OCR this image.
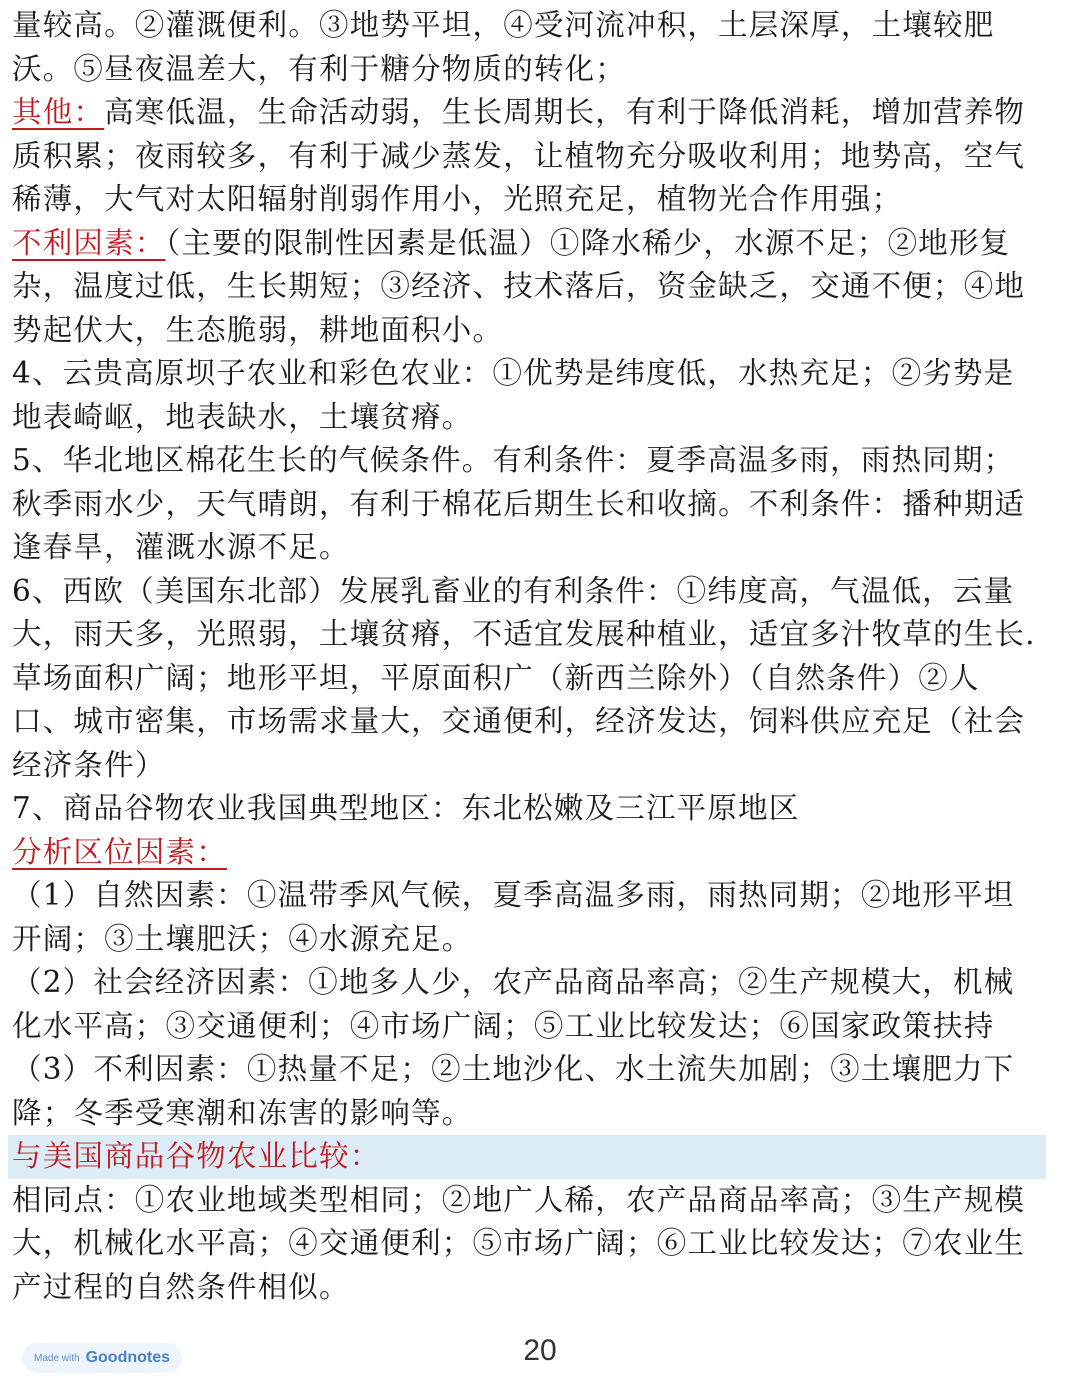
量较高。②灌溉便利。③地势平坦，④受河流冲积，土层深厚，土壤较肥
沃。⑤昼夜温差大，有利于糖分物质的转化；
其他：高寒低温，生命活动弱，生长周期长，有利于降低消耗，增加营养物
质积累；夜雨较多，有利于减少蒸发，让植物充分吸收利用；地势高，空气
稀薄，大气对太阳辐射削弱作用小，光照充足，植物光合作用强；
不利因素：（主要的限制性因素是低温）①降水稀少，水源不足；②地形复
杂，温度过低，生长期短；③经济、技术落后，资金缺乏，交通不便；④地
势起伏大，生态脆弱，耕地面积小。
4、云贵高原坝子农业和彩色农业：①优势是纬度低，水热充足；②劣势是
地表崎岖，地表缺水，土壤贫瘠。
5、华北地区棉花生长的气候条件。有利条件：夏季高温多雨，雨热同期；
秋季雨水少，天气晴朗，有利于棉花后期生长和收摘。不利条件：播种期适
逢春旱，灌溉水源不足。
6、西欧（美国东北部）发展乳畜业的有利条件：①纬度高，气温低，云量
大，雨天多，光照弱，土壤贫瘠，不适宜发展种植业，适宜多汁牧草的生长.
草场面积广阔；地形平坦，平原面积广（新西兰除外）（自然条件）②人
口、城市密集，市场需求量大，交通便利，经济发达，饲料供应充足（社会
经济条件）
7、商品谷物农业我国典型地区：东北松嫩及三江平原地区
分析区位因素：
（1）自然因素：①温带季风气候，夏季高温多雨，雨热同期；②地形平坦
开阔；③土壤肥沃；④水源充足。
（2）社会经济因素：①地多人少，农产品商品率高；②生产规模大，机械
化水平高；③交通便利；④市场广阔；⑤工业比较发达；⑥国家政策扶持
（3）不利因素：①热量不足；②土地沙化、水土流失加剧；③土壤肥力下
降；冬季受寒潮和冻害的影响等。
与美国商品谷物农业比较：
相同点：①农业地域类型相同；②地广人稀，农产品商品率高；③生产规模
大，机械化水平高；④交通便利；⑤市场广阔；⑥工业比较发达；⑦农业生
产过程的自然条件相似。
Made with Goodnotes	20
